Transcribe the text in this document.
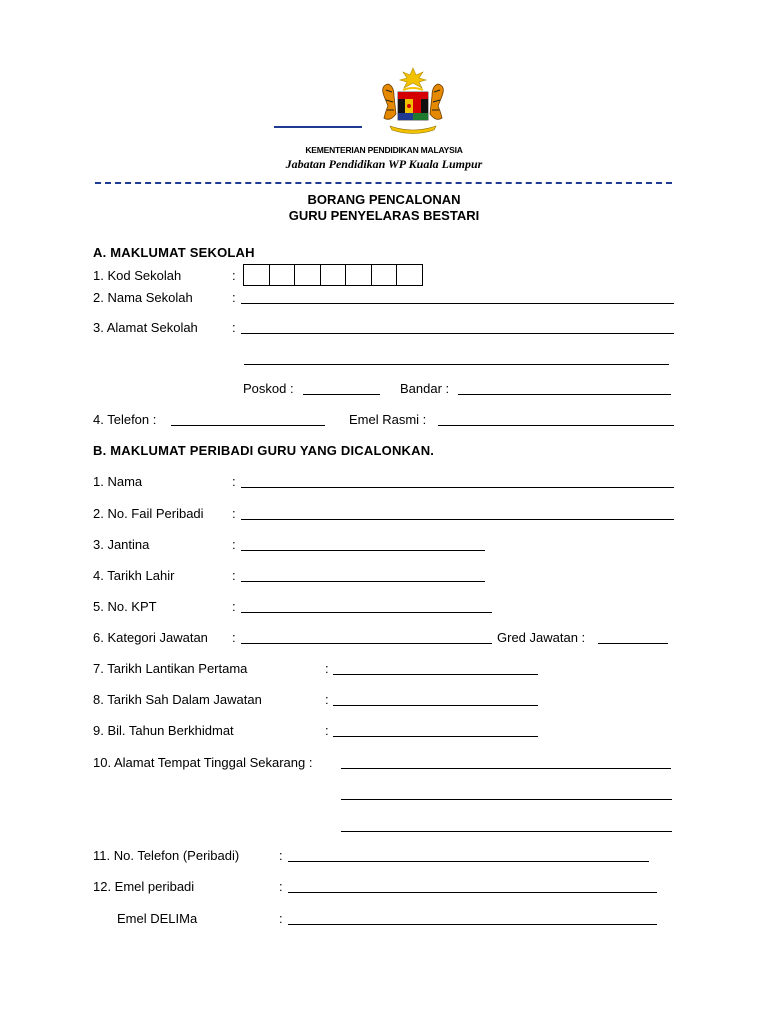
KEMENTERIAN PENDIDIKAN MALAYSIA
Jabatan Pendidikan WP Kuala Lumpur
BORANG PENCALONAN
GURU PENYELARAS BESTARI
A. MAKLUMAT SEKOLAH
1. Kod Sekolah	:
2. Nama Sekolah	:
3. Alamat Sekolah	:
Poskod :	Bandar :
4. Telefon :	Emel Rasmi :
B. MAKLUMAT PERIBADI GURU YANG DICALONKAN.
1. Nama	:
2. No. Fail Peribadi :
3. Jantina	:
4. Tarikh Lahir	:
5. No. KPT	:
6. Kategori Jawatan :	Gred Jawatan :
7. Tarikh Lantikan Pertama	:
8. Tarikh Sah Dalam Jawatan	:
9. Bil. Tahun Berkhidmat	:
10. Alamat Tempat Tinggal Sekarang :
11. No. Telefon (Peribadi)	:
12. Emel peribadi	:
Emel DELIMa	:
